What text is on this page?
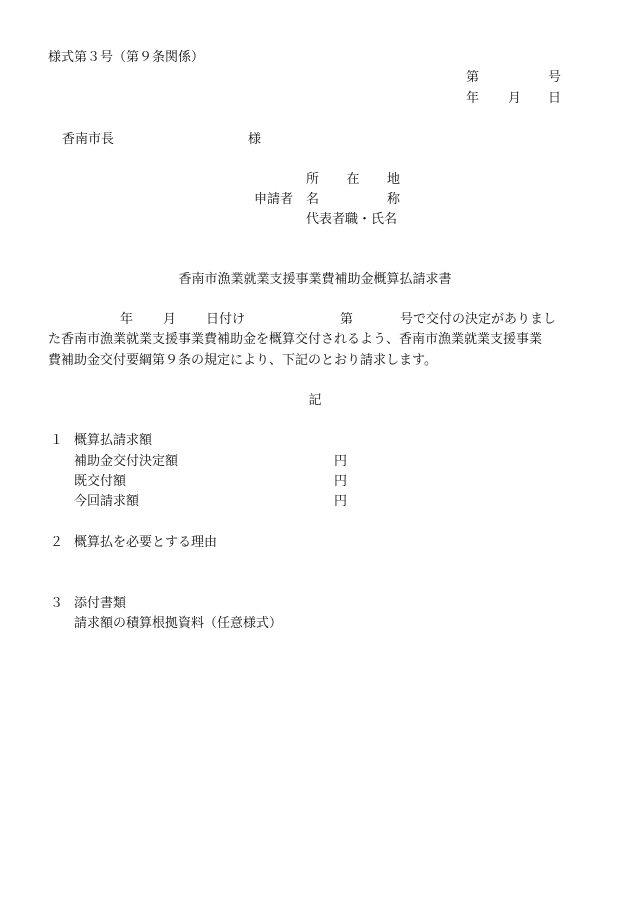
様式第３号（第９条関係）
第	号
年 月 日
香南市長	様
所 在 地
申請者 名	称
代表者職・氏名
香南市漁業就業支援事業費補助金概算払請求書
年 月 日付け	第	号で交付の決定がありまし
た香南市漁業就業支援事業費補助金を概算交付されるよう、香南市漁業就業支援事業
費補助金交付要綱第９条の規定により、下記のとおり請求します。
記
１ 概算払請求額
補助金交付決定額	円
既交付額	円
今回請求額	円
２ 概算払を必要とする理由
３ 添付書類
請求額の積算根拠資料（任意様式）
